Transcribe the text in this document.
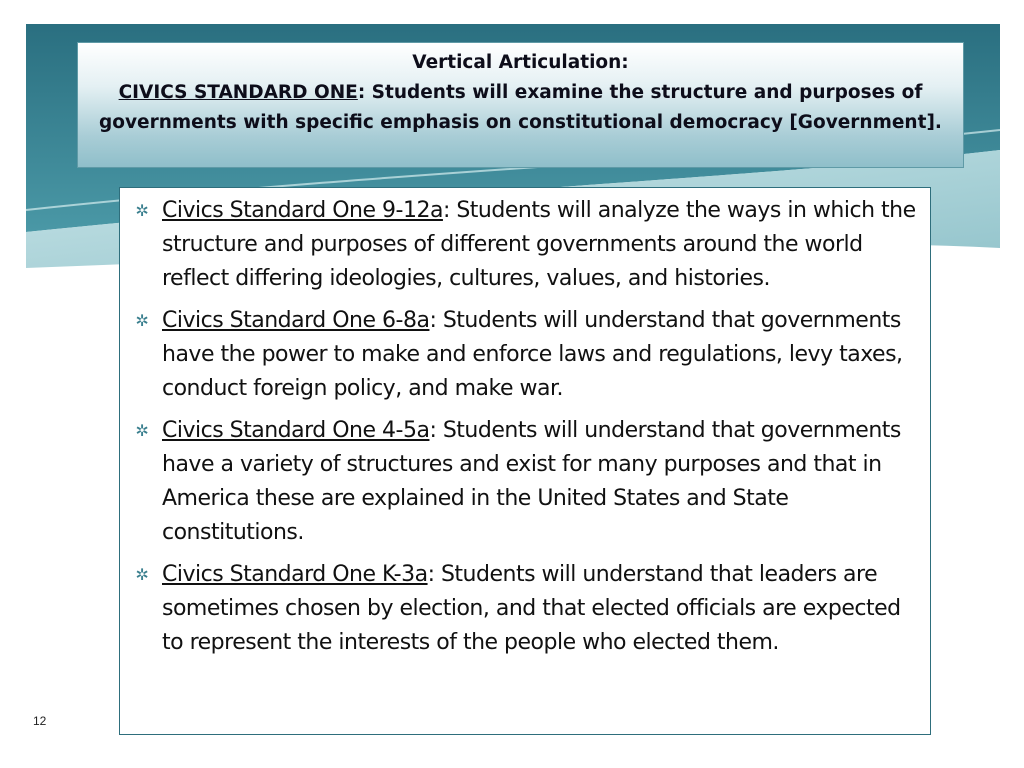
Vertical Articulation:

CIVICS STANDARD ONE: Students will examine the structure and purposes of governments with specific emphasis on constitutional democracy [Government].

✲ Civics Standard One 9-12a: Students will analyze the ways in which the structure and purposes of different governments around the world reflect differing ideologies, cultures, values, and histories.
✲ Civics Standard One 6-8a: Students will understand that governments have the power to make and enforce laws and regulations, levy taxes, conduct foreign policy, and make war.
✲ Civics Standard One 4-5a: Students will understand that governments have a variety of structures and exist for many purposes and that in America these are explained in the United States and State constitutions.
✲ Civics Standard One K-3a: Students will understand that leaders are sometimes chosen by election, and that elected officials are expected to represent the interests of the people who elected them.
12
